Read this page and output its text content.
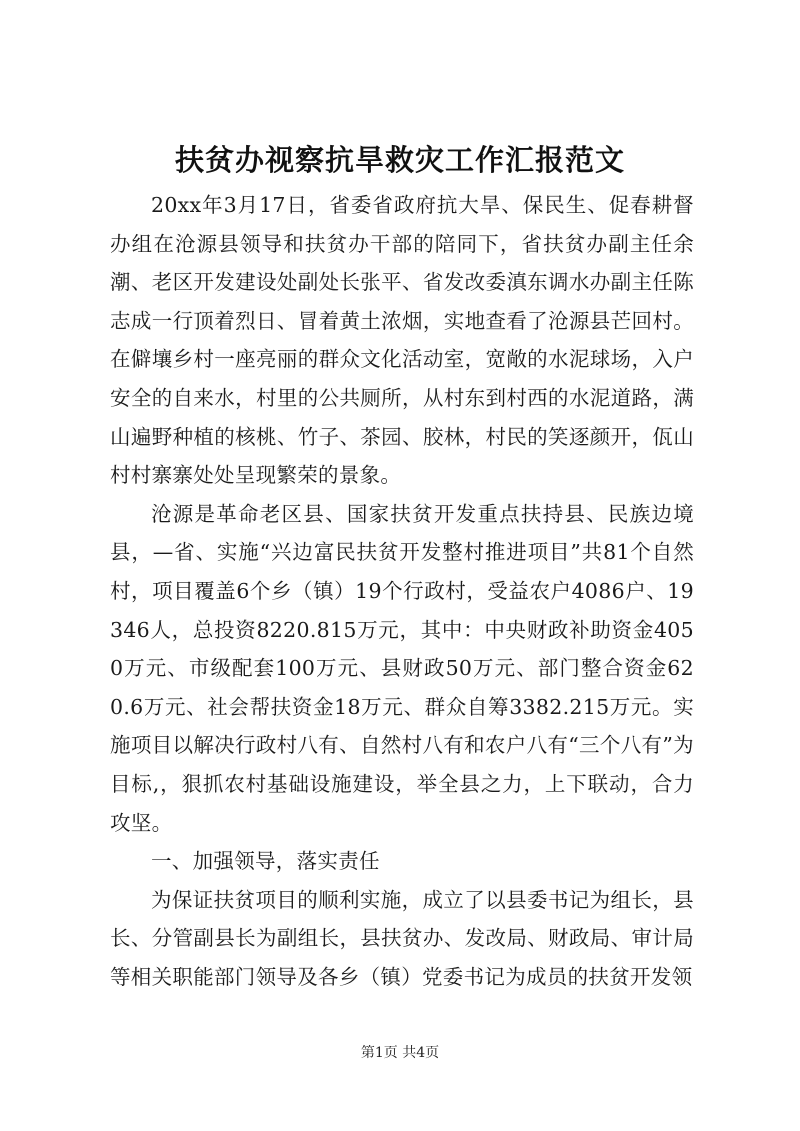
扶贫办视察抗旱救灾工作汇报范文

20xx年3月17日，省委省政府抗大旱、保民生、促春耕督办组在沧源县领导和扶贫办干部的陪同下，省扶贫办副主任余潮、老区开发建设处副处长张平、省发改委滇东调水办副主任陈志成一行顶着烈日、冒着黄土浓烟，实地查看了沧源县芒回村。在僻壤乡村一座亮丽的群众文化活动室，宽敞的水泥球场，入户安全的自来水，村里的公共厕所，从村东到村西的水泥道路，满山遍野种植的核桃、竹子、茶园、胶林，村民的笑逐颜开，佤山村村寨寨处处呈现繁荣的景象。

沧源是革命老区县、国家扶贫开发重点扶持县、民族边境县，—省、实施“兴边富民扶贫开发整村推进项目”共81个自然村，项目覆盖6个乡（镇）19个行政村，受益农户4086户、19346人，总投资8220.815万元，其中：中央财政补助资金4050万元、市级配套100万元、县财政50万元、部门整合资金620.6万元、社会帮扶资金18万元、群众自筹3382.215万元。实施项目以解决行政村八有、自然村八有和农户八有“三个八有”为目标,，狠抓农村基础设施建设，举全县之力，上下联动，合力攻坚。

一、加强领导，落实责任

为保证扶贫项目的顺利实施，成立了以县委书记为组长，县长、分管副县长为副组长，县扶贫办、发改局、财政局、审计局等相关职能部门领导及各乡（镇）党委书记为成员的扶贫开发领

第1页 共4页
